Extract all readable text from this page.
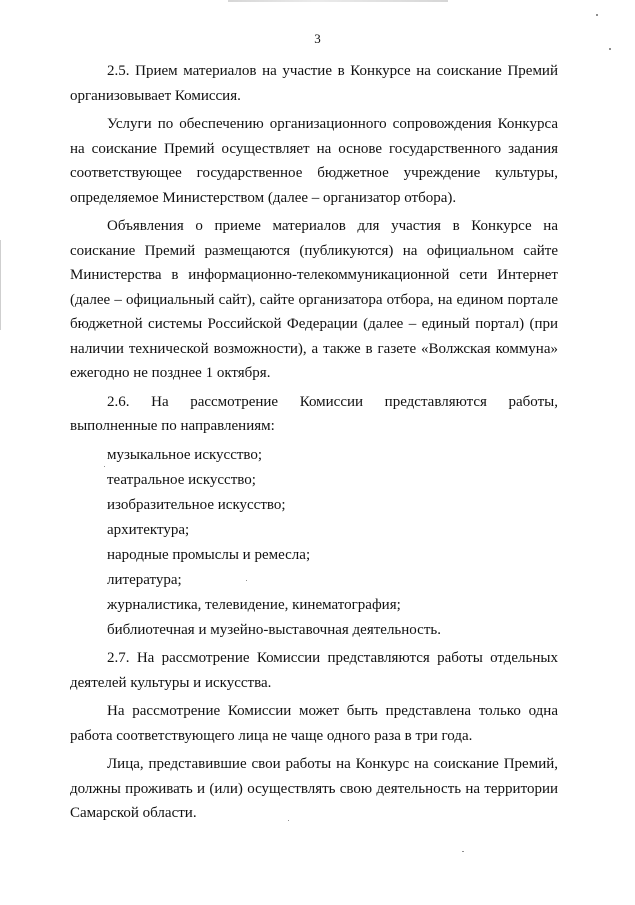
3

2.5. Прием материалов на участие в Конкурсе на соискание Премий организовывает Комиссия.

Услуги по обеспечению организационного сопровождения Конкурса на соискание Премий осуществляет на основе государственного задания соответствующее государственное бюджетное учреждение культуры, определяемое Министерством (далее – организатор отбора).

Объявления о приеме материалов для участия в Конкурсе на соискание Премий размещаются (публикуются) на официальном сайте Министерства в информационно-телекоммуникационной сети Интернет (далее – официальный сайт), сайте организатора отбора, на едином портале бюджетной системы Российской Федерации (далее – единый портал) (при наличии технической возможности), а также в газете «Волжская коммуна» ежегодно не позднее 1 октября.

2.6. На рассмотрение Комиссии представляются работы, выполненные по направлениям:

музыкальное искусство;
театральное искусство;
изобразительное искусство;
архитектура;
народные промыслы и ремесла;
литература;
журналистика, телевидение, кинематография;
библиотечная и музейно-выставочная деятельность.

2.7. На рассмотрение Комиссии представляются работы отдельных деятелей культуры и искусства.

На рассмотрение Комиссии может быть представлена только одна работа соответствующего лица не чаще одного раза в три года.

Лица, представившие свои работы на Конкурс на соискание Премий, должны проживать и (или) осуществлять свою деятельность на территории Самарской области.
